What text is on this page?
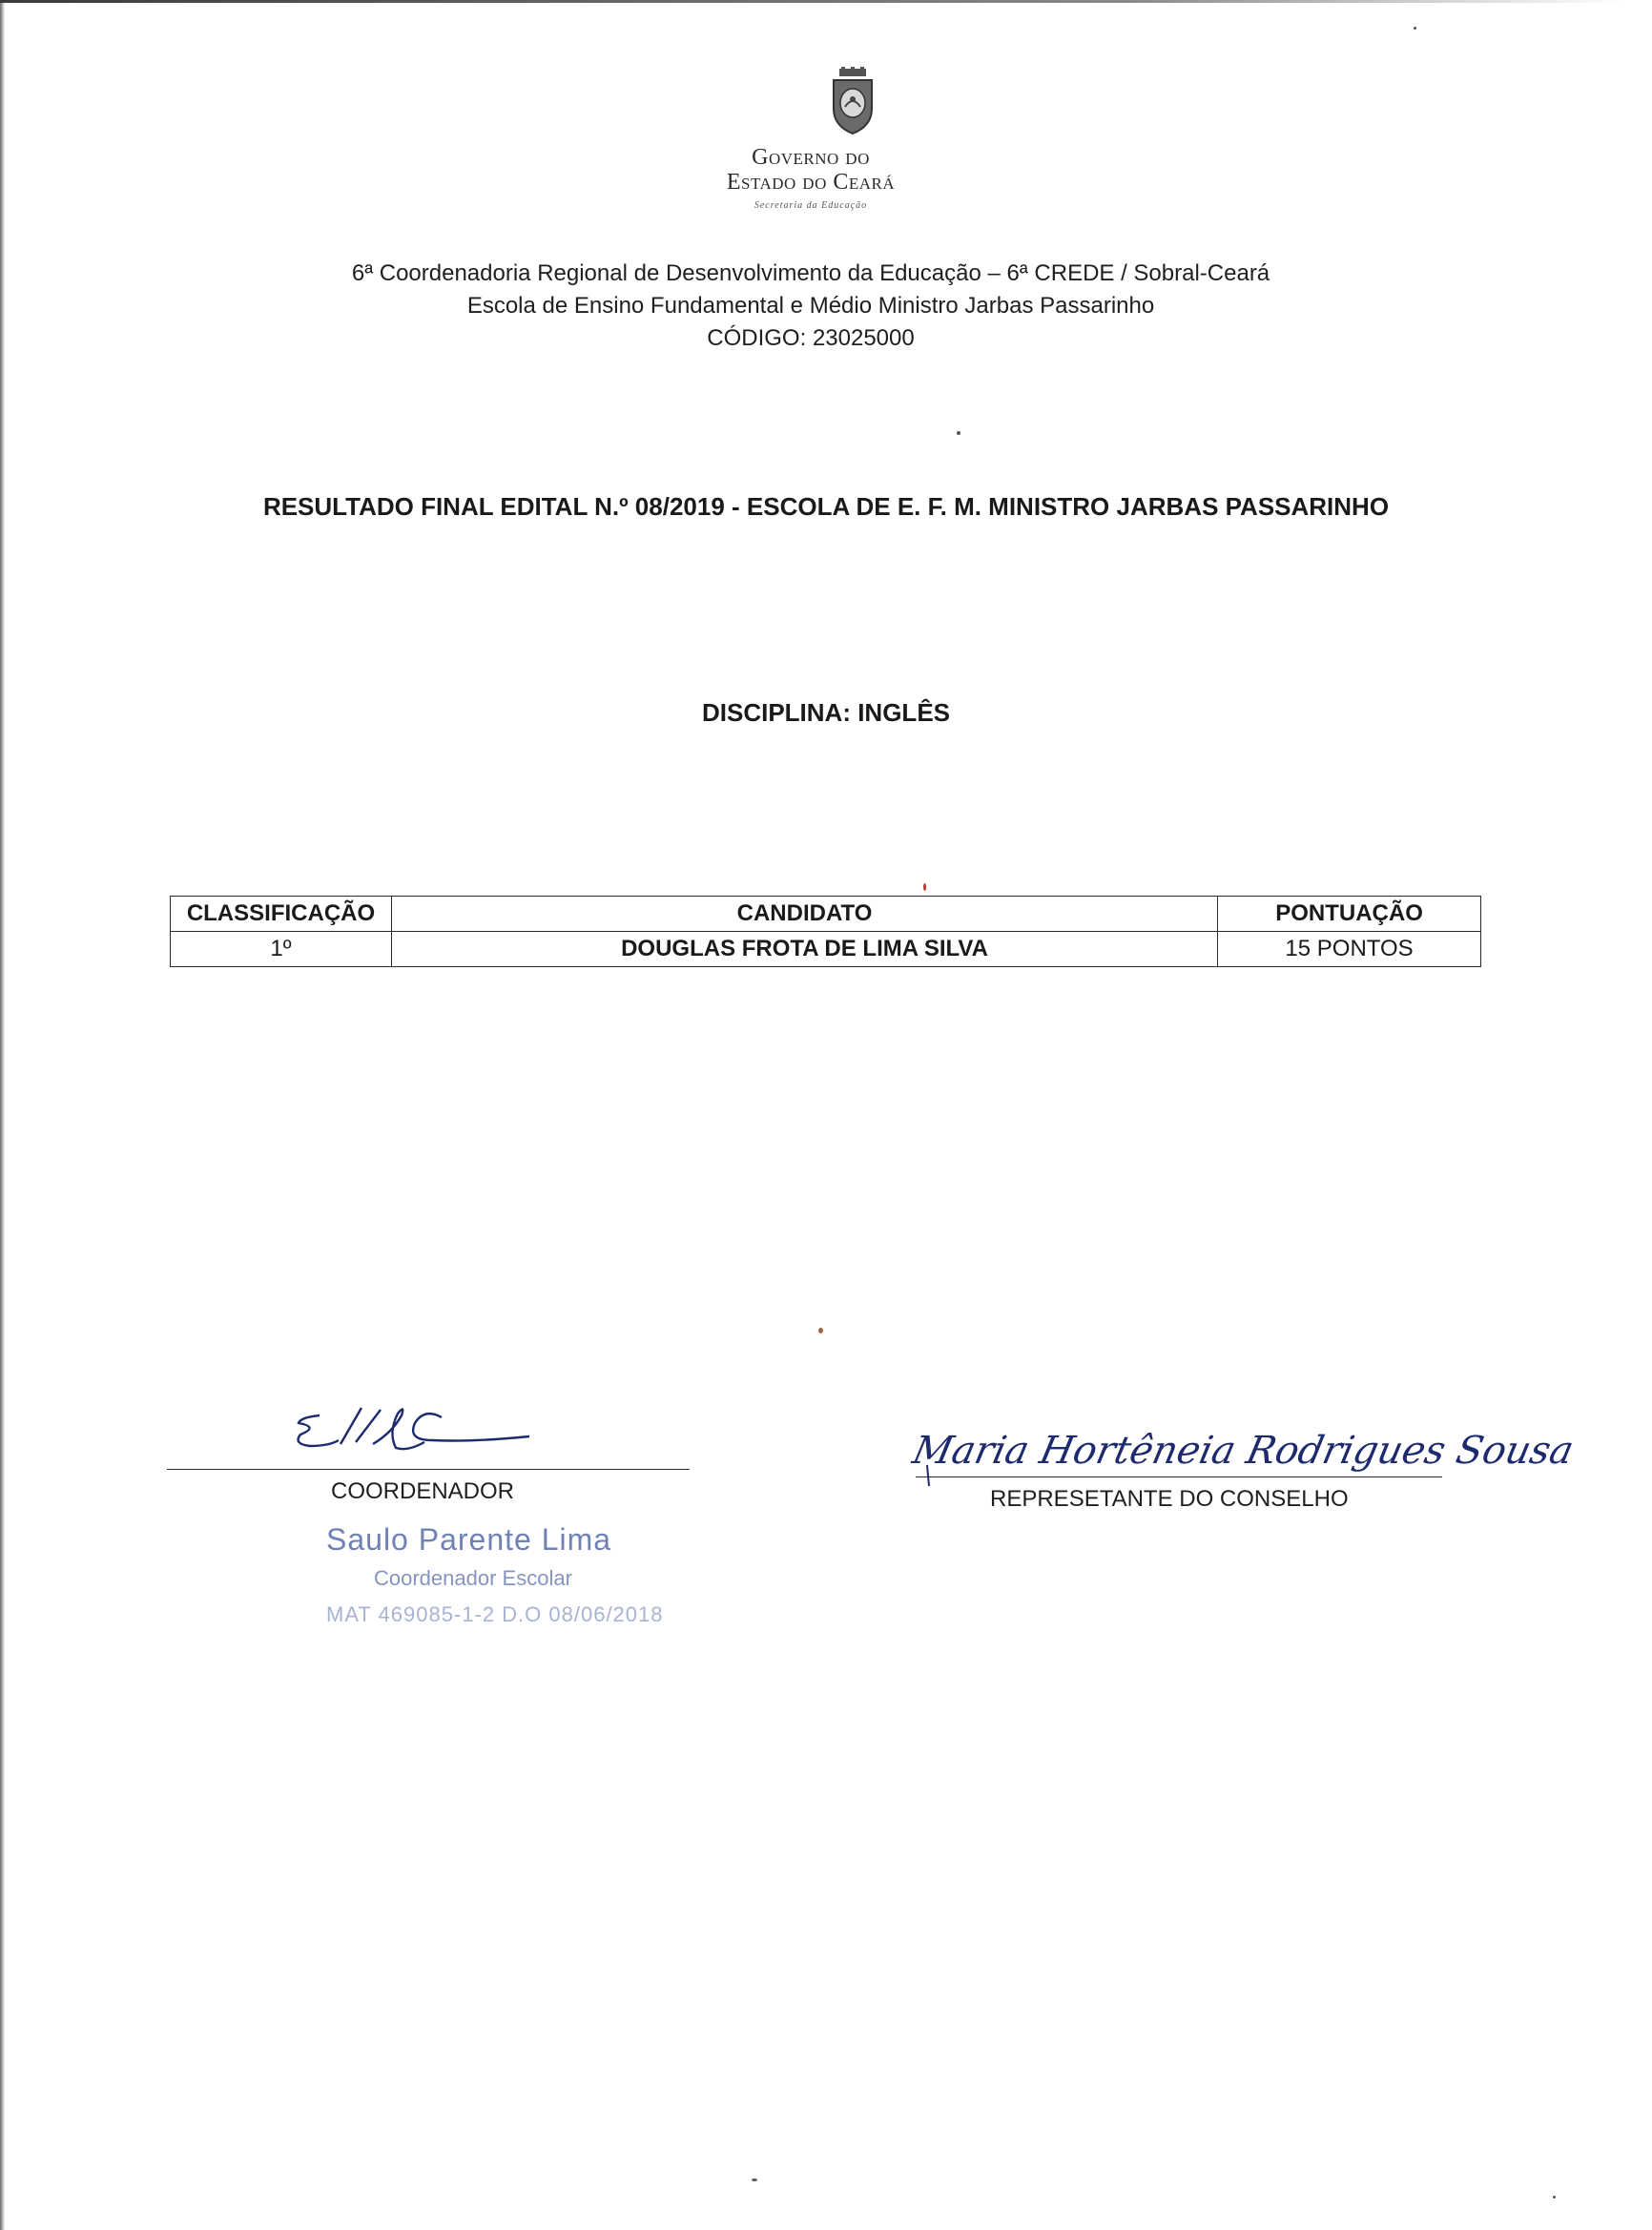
Governo do
Estado do Ceará
Secretaria da Educação
6ª Coordenadoria Regional de Desenvolvimento da Educação – 6ª CREDE / Sobral-Ceará
Escola de Ensino Fundamental e Médio Ministro Jarbas Passarinho
CÓDIGO: 23025000
RESULTADO FINAL EDITAL N.º 08/2019 - ESCOLA DE E. F. M. MINISTRO JARBAS PASSARINHO
DISCIPLINA: INGLÊS
CLASSIFICAÇÃO	CANDIDATO	PONTUAÇÃO
1º	DOUGLAS FROTA DE LIMA SILVA	15 PONTOS
COORDENADOR
Maria Hortêneia Rodrigues Sousa
REPRESETANTE DO CONSELHO
Saulo Parente Lima
Coordenador Escolar
MAT 469085-1-2 D.O 08/06/2018
